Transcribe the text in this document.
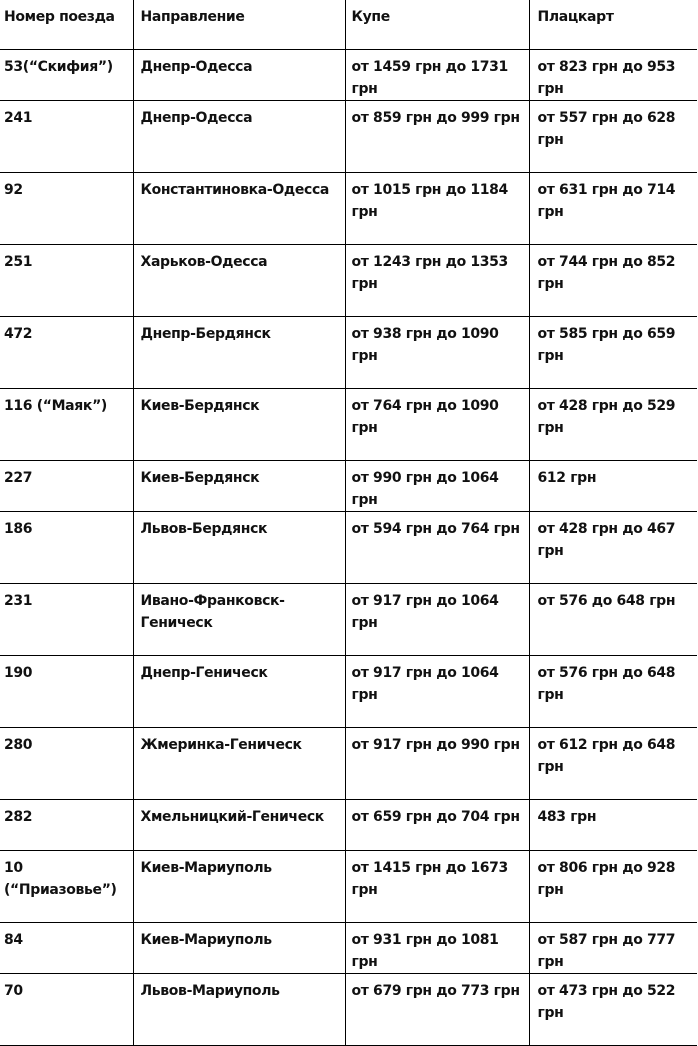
Номер поезда	Направление	Купе	Плацкарт
53(“Скифия”)	Днепр-Одесса	от 1459 грн до 1731 грн	от 823 грн до 953 грн
241	Днепр-Одесса	от 859 грн до 999 грн	от 557 грн до 628 грн
92	Константиновка-Одесса	от 1015 грн до 1184 грн	от 631 грн до 714 грн
251	Харьков-Одесса	от 1243 грн до 1353 грн	от 744 грн до 852 грн
472	Днепр-Бердянск	от 938 грн до 1090 грн	от 585 грн до 659 грн
116 (“Маяк”)	Киев-Бердянск	от 764 грн до 1090 грн	от 428 грн до 529 грн
227	Киев-Бердянск	от 990 грн до 1064 грн	612 грн
186	Львов-Бердянск	от 594 грн до 764 грн	от 428 грн до 467 грн
231	Ивано-Франковск-Геническ	от 917 грн до 1064 грн	от 576 до 648 грн
190	Днепр-Геническ	от 917 грн до 1064 грн	от 576 грн до 648 грн
280	Жмеринка-Геническ	от 917 грн до 990 грн	от 612 грн до 648 грн
282	Хмельницкий-Геническ	от 659 грн до 704 грн	483 грн
10 (“Приазовье”)	Киев-Мариуполь	от 1415 грн до 1673 грн	от 806 грн до 928 грн
84	Киев-Мариуполь	от 931 грн до 1081 грн	от 587 грн до 777 грн
70	Львов-Мариуполь	от 679 грн до 773 грн	от 473 грн до 522 грн
